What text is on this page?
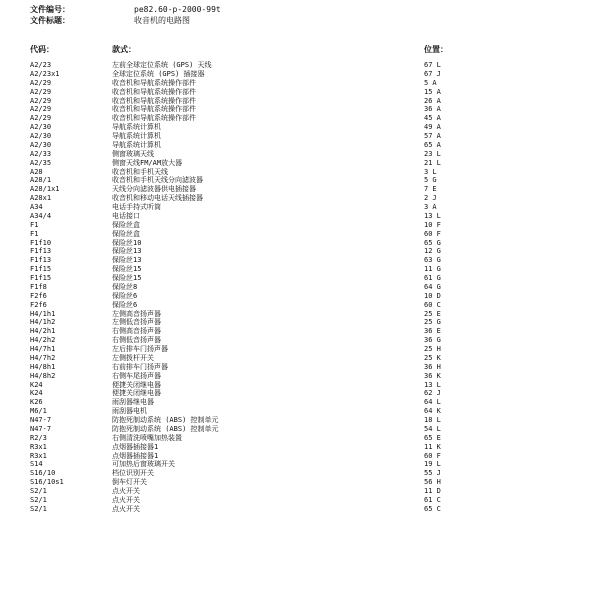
文件编号：	pe82.60-p-2000-99t
文件标题：	收音机的电路图
代码：	款式：	位置：
A2/23	左前全球定位系统 (GPS) 天线	67 L
A2/23x1	全球定位系统 (GPS) 插接器	67 J
A2/29	收音机和导航系统操作部件	5 A
A2/29	收音机和导航系统操作部件	15 A
A2/29	收音机和导航系统操作部件	26 A
A2/29	收音机和导航系统操作部件	36 A
A2/29	收音机和导航系统操作部件	45 A
A2/30	导航系统计算机	49 A
A2/30	导航系统计算机	57 A
A2/30	导航系统计算机	65 A
A2/33	侧窗玻璃天线	23 L
A2/35	侧窗天线FM/AM放大器	21 L
A28	收音机和手机天线	3 L
A28/1	收音机和手机天线分向滤波器	5 G
A28/1x1	天线分向滤波器供电插接器	7 E
A28x1	收音机和移动电话天线插接器	2 J
A34	电话手持式听筒	3 A
A34/4	电话接口	13 L
F1	保险丝盒	10 F
F1	保险丝盒	60 F
F1f10	保险丝10	65 G
F1f13	保险丝13	12 G
F1f13	保险丝13	63 G
F1f15	保险丝15	11 G
F1f15	保险丝15	61 G
F1f8	保险丝8	64 G
F2f6	保险丝6	10 D
F2f6	保险丝6	60 C
H4/1h1	左侧高音扬声器	25 E
H4/1h2	左侧低音扬声器	25 G
H4/2h1	右侧高音扬声器	36 E
H4/2h2	右侧低音扬声器	36 G
H4/7h1	左后排车门扬声器	25 H
H4/7h2	左侧拨杆开关	25 K
H4/8h1	右前排车门扬声器	36 H
H4/8h2	右侧车尾扬声器	36 K
K24	便捷关闭继电器	13 L
K24	便捷关闭继电器	62 J
K26	雨刮器继电器	64 L
M6/1	雨刮器电机	64 K
N47-7	防抱死制动系统 (ABS) 控制单元	18 L
N47-7	防抱死制动系统 (ABS) 控制单元	54 L
R2/3	右侧清洗喷嘴加热装置	65 E
R3x1	点烟器插接器1	11 K
R3x1	点烟器插接器1	60 F
S14	可加热后窗玻璃开关	19 L
S16/10	档位识别开关	55 J
S16/10s1	倒车灯开关	56 H
S2/1	点火开关	11 D
S2/1	点火开关	61 C
S2/1	点火开关	65 C
